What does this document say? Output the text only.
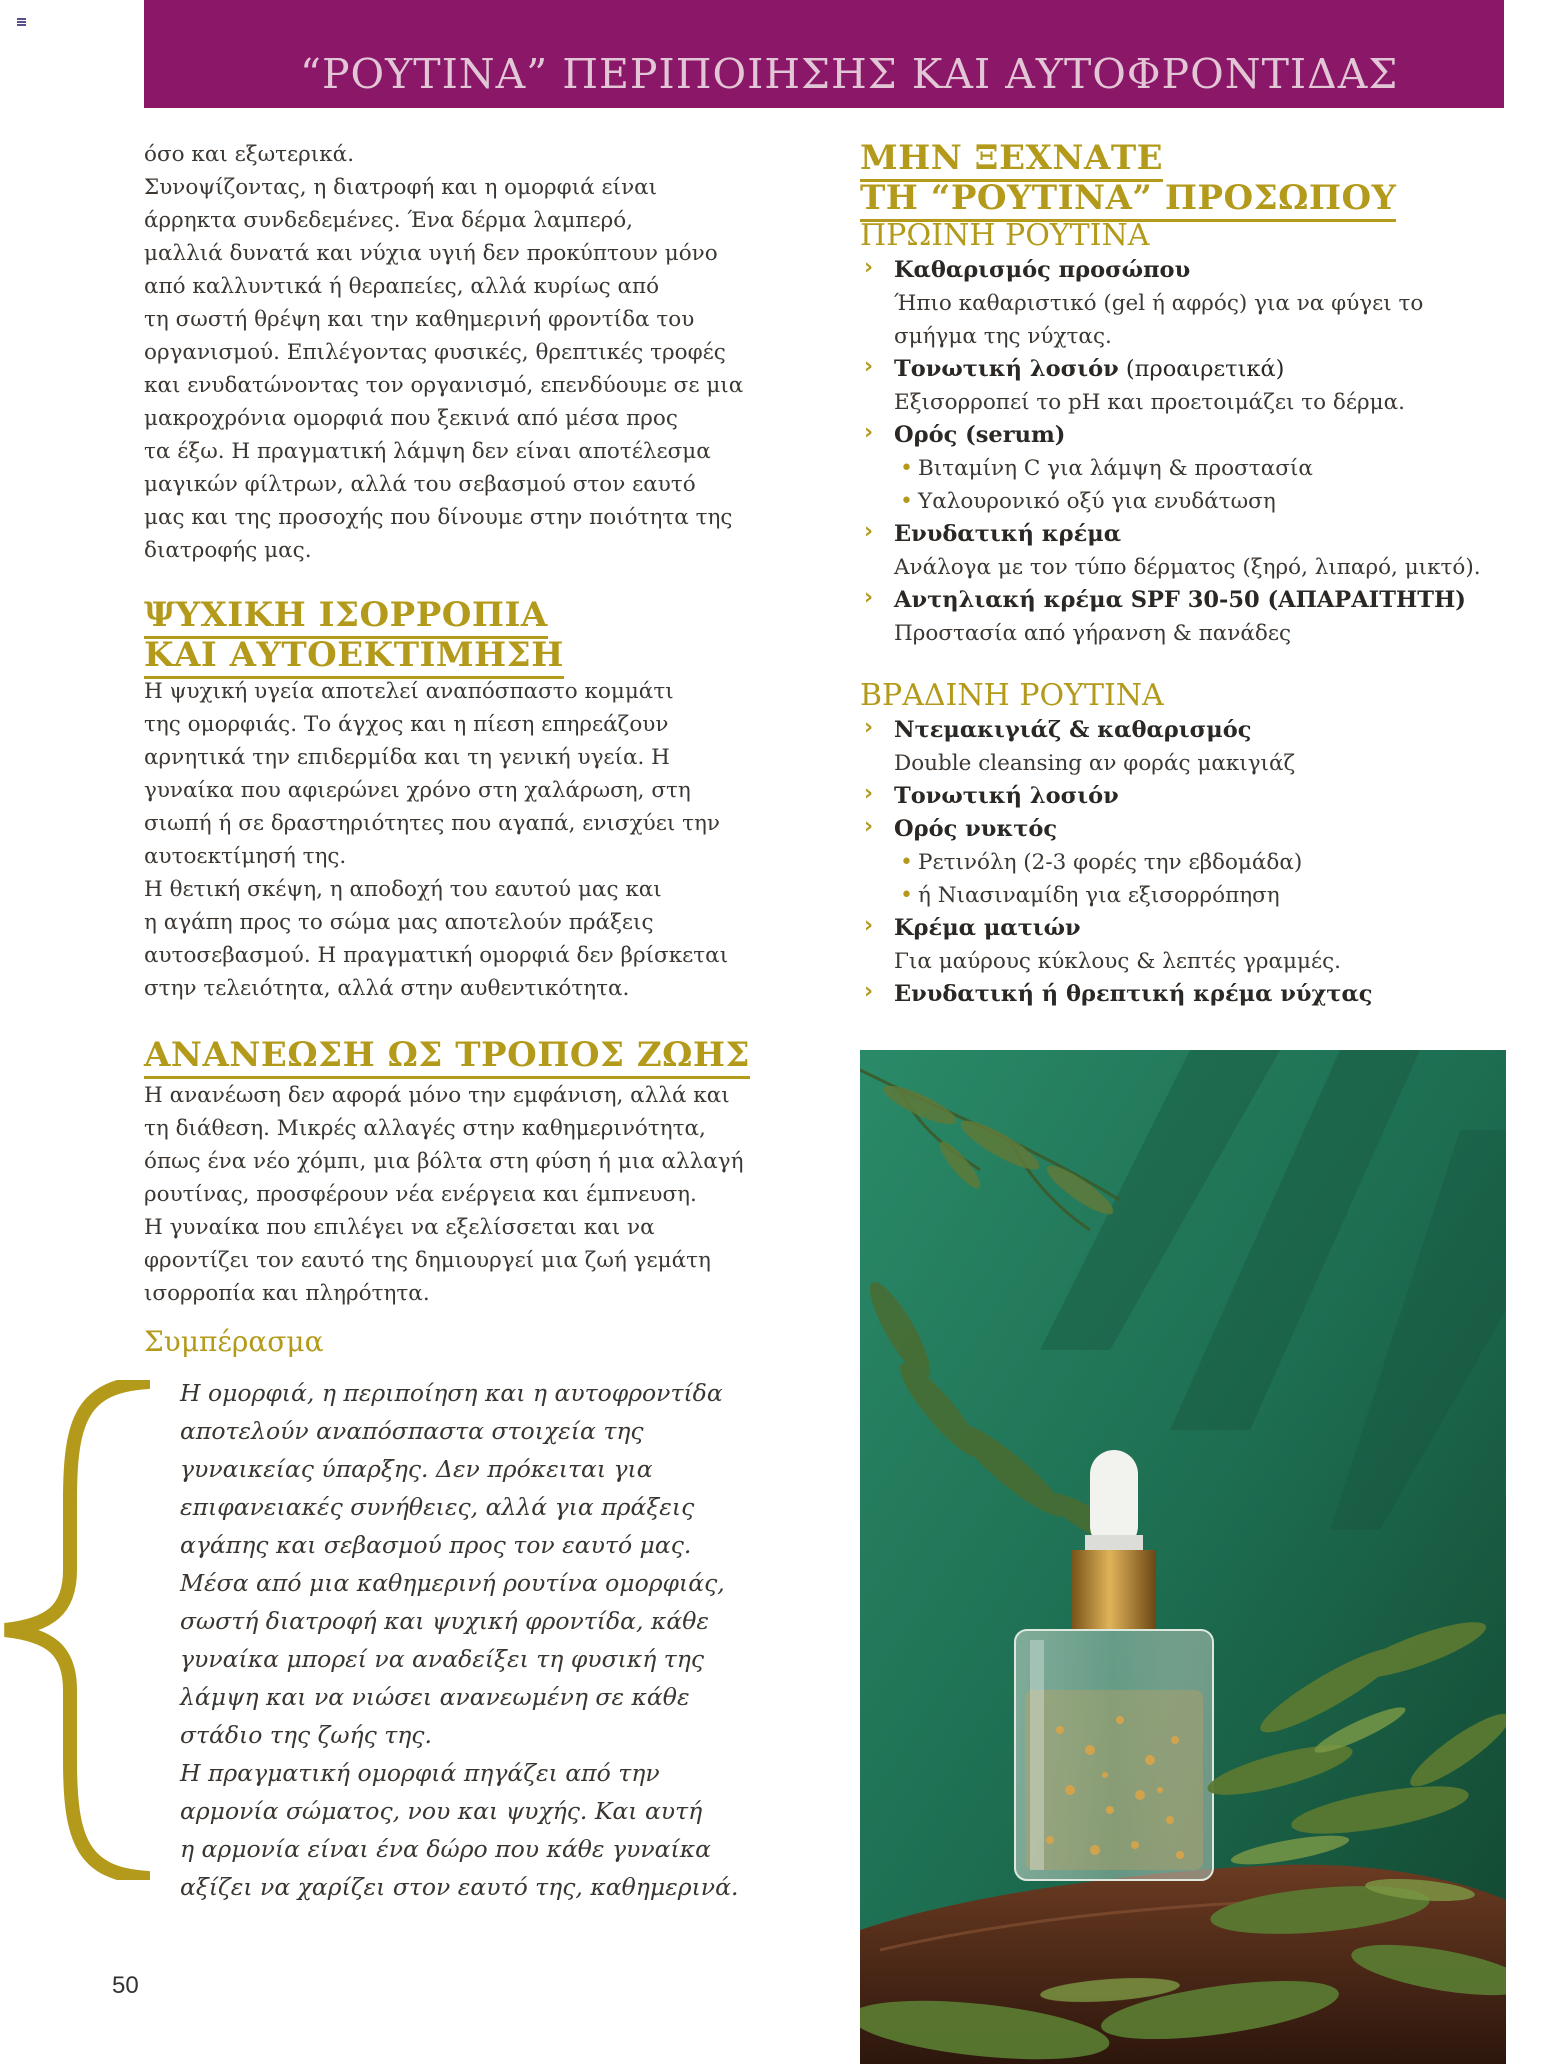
“ΡΟΥΤΙΝΑ” ΠΕΡΙΠΟΙΗΣΗΣ ΚΑΙ ΑΥΤΟΦΡΟΝΤΙΔΑΣ

όσο και εξωτερικά.

Συνοψίζοντας, η διατροφή και η ομορφιά είναι

άρρηκτα συνδεδεμένες. Ένα δέρμα λαμπερό,

μαλλιά δυνατά και νύχια υγιή δεν προκύπτουν μόνο

από καλλυντικά ή θεραπείες, αλλά κυρίως από

τη σωστή θρέψη και την καθημερινή φροντίδα του

οργανισμού. Επιλέγοντας φυσικές, θρεπτικές τροφές

και ενυδατώνοντας τον οργανισμό, επενδύουμε σε μια

μακροχρόνια ομορφιά που ξεκινά από μέσα προς

τα έξω. Η πραγματική λάμψη δεν είναι αποτέλεσμα

μαγικών φίλτρων, αλλά του σεβασμού στον εαυτό

μας και της προσοχής που δίνουμε στην ποιότητα της

διατροφής μας.

ΨΥΧΙΚΗ ΙΣΟΡΡΟΠΙΑ
ΚΑΙ ΑΥΤΟΕΚΤΙΜΗΣΗ

Η ψυχική υγεία αποτελεί αναπόσπαστο κομμάτι

της ομορφιάς. Το άγχος και η πίεση επηρεάζουν

αρνητικά την επιδερμίδα και τη γενική υγεία. Η

γυναίκα που αφιερώνει χρόνο στη χαλάρωση, στη

σιωπή ή σε δραστηριότητες που αγαπά, ενισχύει την

αυτοεκτίμησή της.

Η θετική σκέψη, η αποδοχή του εαυτού μας και

η αγάπη προς το σώμα μας αποτελούν πράξεις

αυτοσεβασμού. Η πραγματική ομορφιά δεν βρίσκεται

στην τελειότητα, αλλά στην αυθεντικότητα.

ΑΝΑΝΕΩΣΗ ΩΣ ΤΡΟΠΟΣ ΖΩΗΣ

Η ανανέωση δεν αφορά μόνο την εμφάνιση, αλλά και

τη διάθεση. Μικρές αλλαγές στην καθημερινότητα,

όπως ένα νέο χόμπι, μια βόλτα στη φύση ή μια αλλαγή

ρουτίνας, προσφέρουν νέα ενέργεια και έμπνευση.

Η γυναίκα που επιλέγει να εξελίσσεται και να

φροντίζει τον εαυτό της δημιουργεί μια ζωή γεμάτη

ισορροπία και πληρότητα.

Συμπέρασμα

Η ομορφιά, η περιποίηση και η αυτοφροντίδα

αποτελούν αναπόσπαστα στοιχεία της

γυναικείας ύπαρξης. Δεν πρόκειται για

επιφανειακές συνήθειες, αλλά για πράξεις

αγάπης και σεβασμού προς τον εαυτό μας.

Μέσα από μια καθημερινή ρουτίνα ομορφιάς,

σωστή διατροφή και ψυχική φροντίδα, κάθε

γυναίκα μπορεί να αναδείξει τη φυσική της

λάμψη και να νιώσει ανανεωμένη σε κάθε

στάδιο της ζωής της.

Η πραγματική ομορφιά πηγάζει από την

αρμονία σώματος, νου και ψυχής. Και αυτή

η αρμονία είναι ένα δώρο που κάθε γυναίκα

αξίζει να χαρίζει στον εαυτό της, καθημερινά.

ΜΗΝ ΞΕΧΝΑΤΕ
ΤΗ “ΡΟΥΤΙΝΑ” ΠΡΟΣΩΠΟΥ
ΠΡΩΙΝΗ ΡΟΥΤΙΝΑ
› Καθαρισμός προσώπου
Ήπιο καθαριστικό (gel ή αφρός) για να φύγει το
σμήγμα της νύχτας.
› Τονωτική λοσιόν (προαιρετικά)
Εξισορροπεί το pH και προετοιμάζει το δέρμα.
› Ορός (serum)
• Βιταμίνη C για λάμψη & προστασία
• Υαλουρονικό οξύ για ενυδάτωση
› Ενυδατική κρέμα
Ανάλογα με τον τύπο δέρματος (ξηρό, λιπαρό, μικτό).
› Αντηλιακή κρέμα SPF 30-50 (ΑΠΑΡΑΙΤΗΤΗ)
Προστασία από γήρανση & πανάδες
ΒΡΑΔΙΝΗ ΡΟΥΤΙΝΑ
› Ντεμακιγιάζ & καθαρισμός
Double cleansing αν φοράς μακιγιάζ
› Τονωτική λοσιόν
› Ορός νυκτός
• Ρετινόλη (2-3 φορές την εβδομάδα)
• ή Νιασιναμίδη για εξισορρόπηση
› Κρέμα ματιών
Για μαύρους κύκλους & λεπτές γραμμές.
› Ενυδατική ή θρεπτική κρέμα νύχτας
50
